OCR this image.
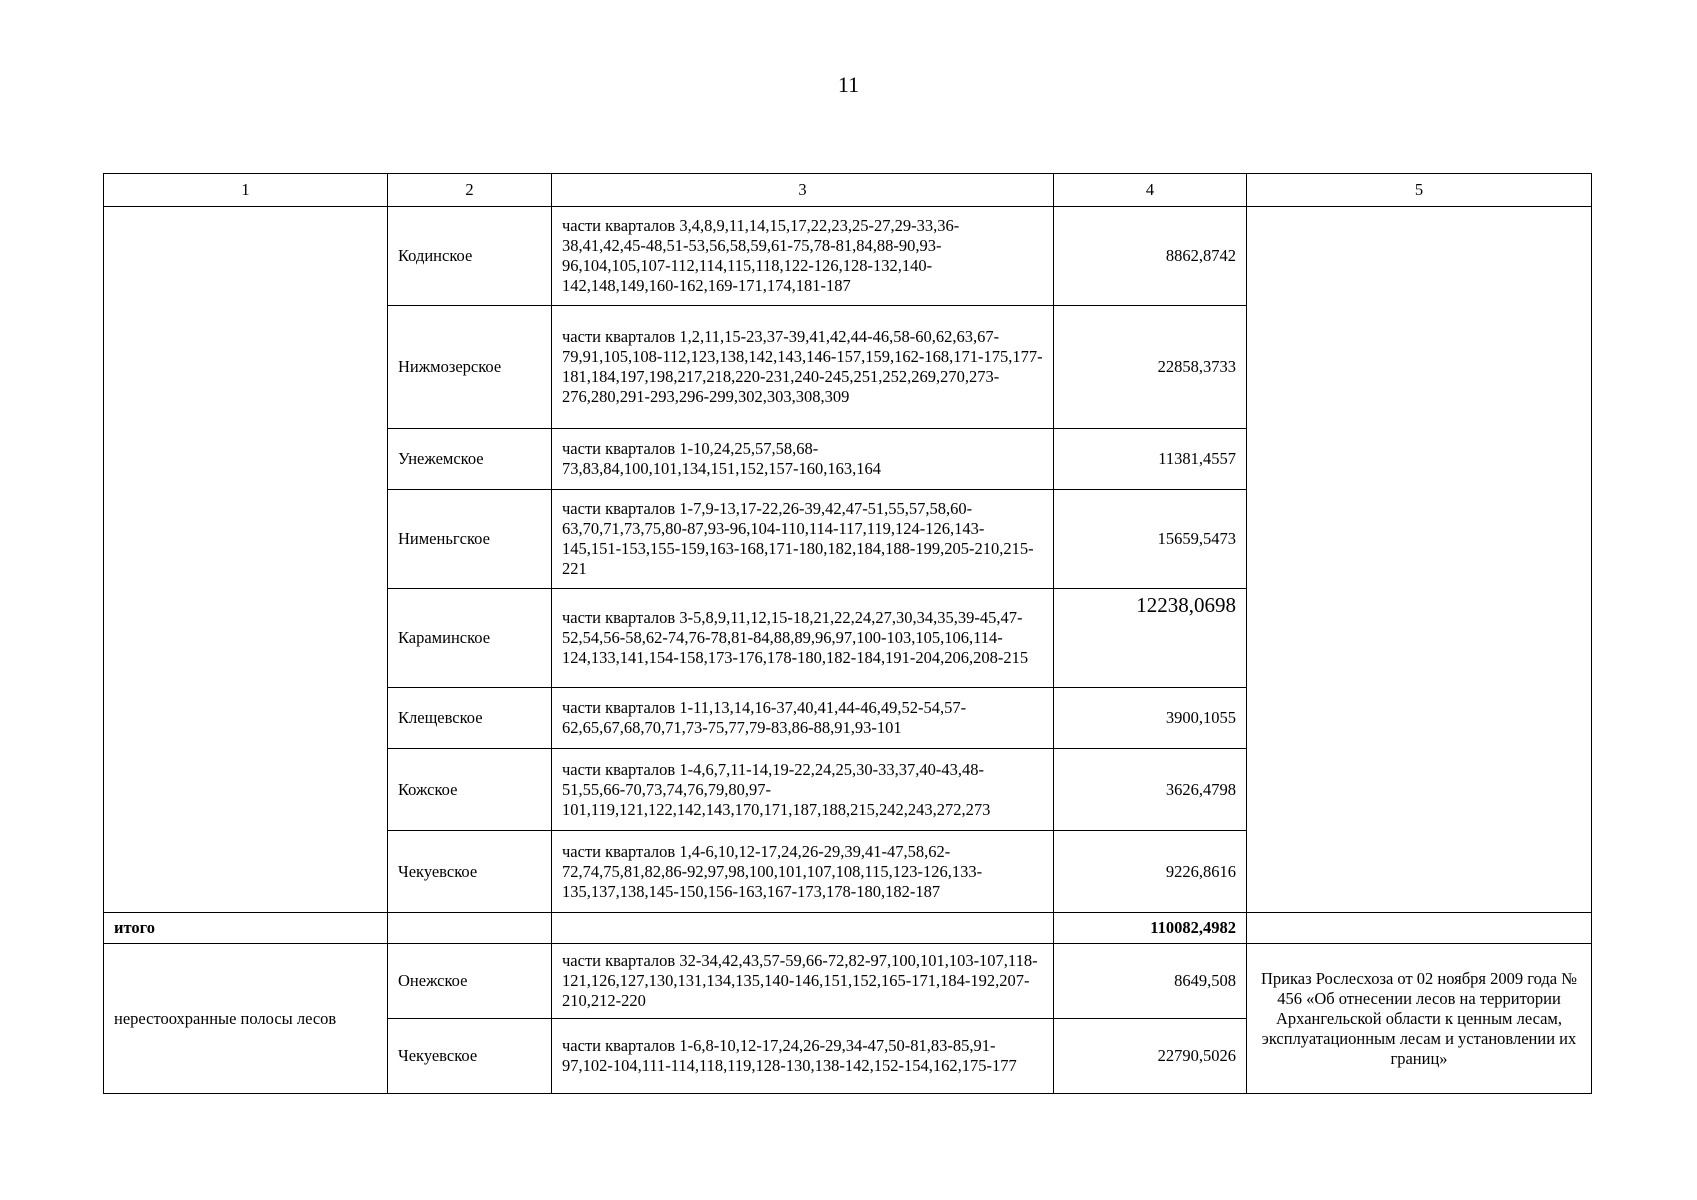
11
1	2	3	4	5
	Кодинское	части кварталов 3,4,8,9,11,14,15,17,22,23,25-27,29-33,36-38,41,42,45-48,51-53,56,58,59,61-75,78-81,84,88-90,93-96,104,105,107-112,114,115,118,122-126,128-132,140-142,148,149,160-162,169-171,174,181-187	8862,8742	
	Нижмозерское	части кварталов 1,2,11,15-23,37-39,41,42,44-46,58-60,62,63,67-79,91,105,108-112,123,138,142,143,146-157,159,162-168,171-175,177-181,184,197,198,217,218,220-231,240-245,251,252,269,270,273-276,280,291-293,296-299,302,303,308,309	22858,3733	
	Унежемское	части кварталов 1-10,24,25,57,58,68-73,83,84,100,101,134,151,152,157-160,163,164	11381,4557	
	Нименьгское	части кварталов 1-7,9-13,17-22,26-39,42,47-51,55,57,58,60-63,70,71,73,75,80-87,93-96,104-110,114-117,119,124-126,143-145,151-153,155-159,163-168,171-180,182,184,188-199,205-210,215-221	15659,5473	
	Караминское	части кварталов 3-5,8,9,11,12,15-18,21,22,24,27,30,34,35,39-45,47-52,54,56-58,62-74,76-78,81-84,88,89,96,97,100-103,105,106,114-124,133,141,154-158,173-176,178-180,182-184,191-204,206,208-215	12238,0698	
	Клещевское	части кварталов 1-11,13,14,16-37,40,41,44-46,49,52-54,57-62,65,67,68,70,71,73-75,77,79-83,86-88,91,93-101	3900,1055	
	Кожское	части кварталов 1-4,6,7,11-14,19-22,24,25,30-33,37,40-43,48-51,55,66-70,73,74,76,79,80,97-101,119,121,122,142,143,170,171,187,188,215,242,243,272,273	3626,4798	
	Чекуевское	части кварталов 1,4-6,10,12-17,24,26-29,39,41-47,58,62-72,74,75,81,82,86-92,97,98,100,101,107,108,115,123-126,133-135,137,138,145-150,156-163,167-173,178-180,182-187	9226,8616	
итого			110082,4982	
нерестоохранные полосы лесов	Онежское	части кварталов 32-34,42,43,57-59,66-72,82-97,100,101,103-107,118-121,126,127,130,131,134,135,140-146,151,152,165-171,184-192,207-210,212-220	8649,508	Приказ Рослесхоза от 02 ноября 2009 года № 456 «Об отнесении лесов на территории Архангельской области к ценным лесам, эксплуатационным лесам и установлении их границ»
	Чекуевское	части кварталов 1-6,8-10,12-17,24,26-29,34-47,50-81,83-85,91-97,102-104,111-114,118,119,128-130,138-142,152-154,162,175-177	22790,5026	
